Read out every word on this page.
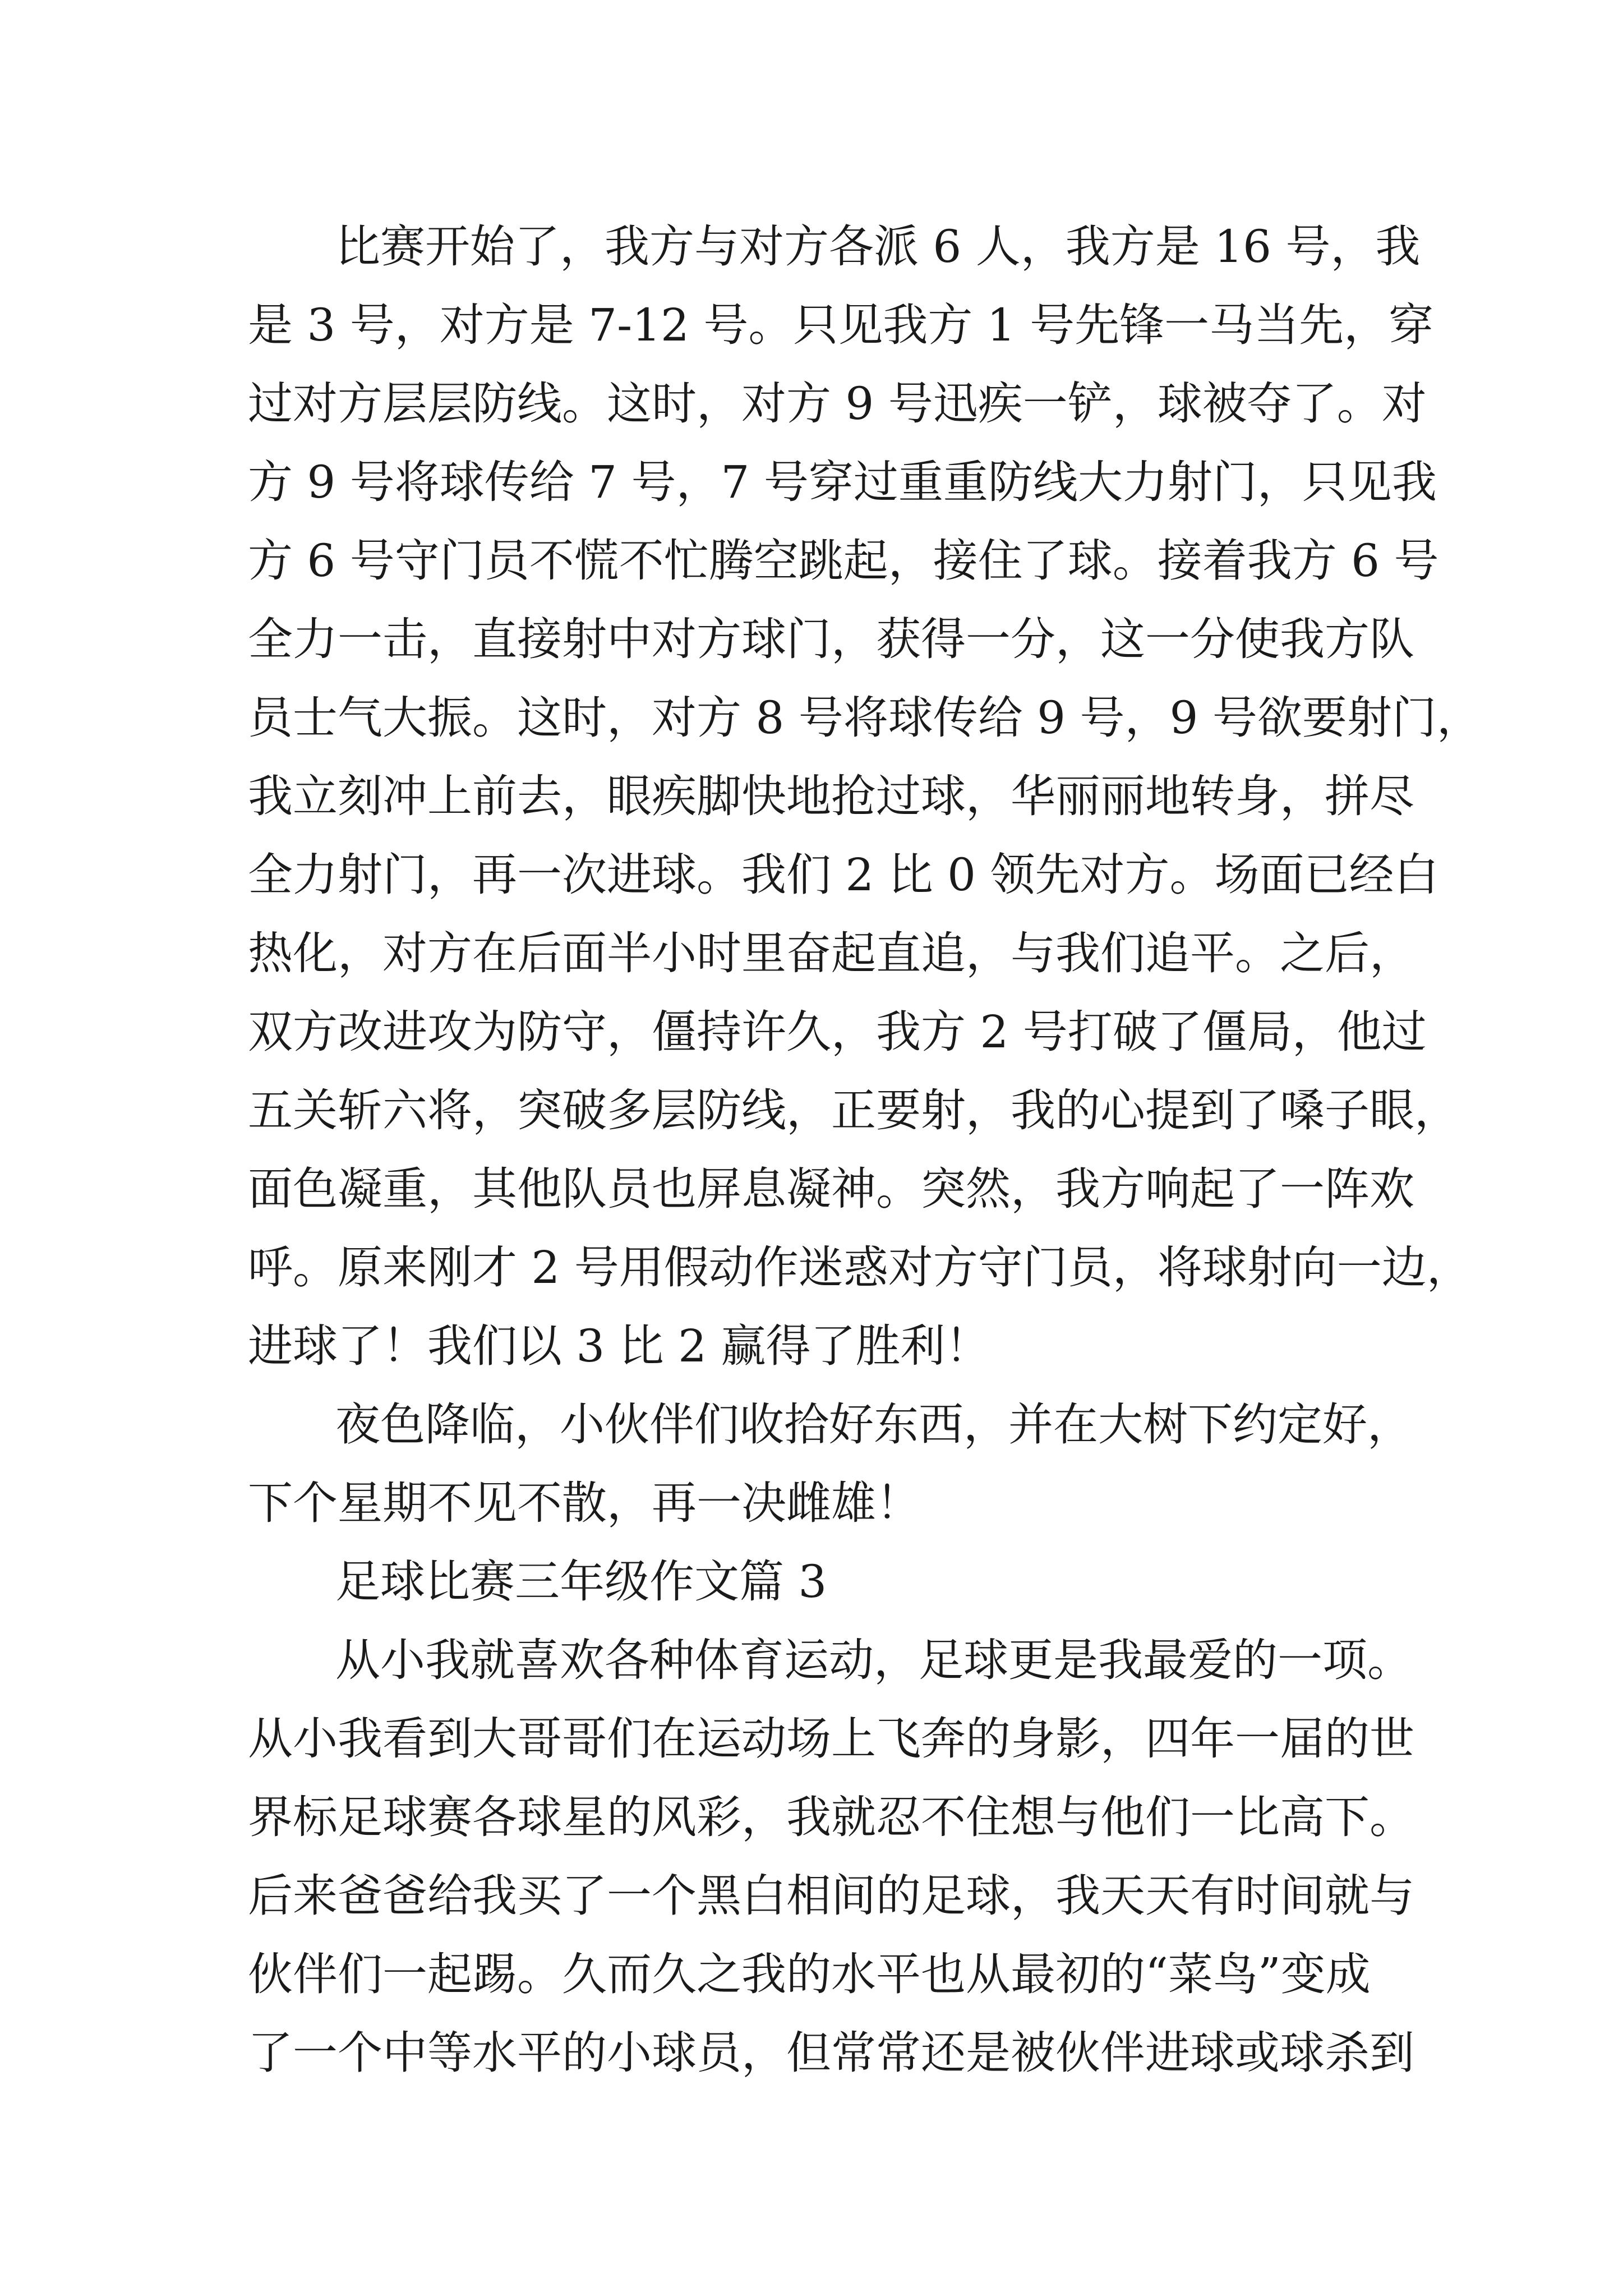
比赛开始了，我方与对方各派 6 人，我方是 16 号，我
是 3 号，对方是 7-12 号。只见我方 1 号先锋一马当先，穿
过对方层层防线。这时，对方 9 号迅疾一铲，球被夺了。对
方 9 号将球传给 7 号，7 号穿过重重防线大力射门，只见我
方 6 号守门员不慌不忙腾空跳起，接住了球。接着我方 6 号
全力一击，直接射中对方球门，获得一分，这一分使我方队
员士气大振。这时，对方 8 号将球传给 9 号，9 号欲要射门，
我立刻冲上前去，眼疾脚快地抢过球，华丽丽地转身，拼尽
全力射门，再一次进球。我们 2 比 0 领先对方。场面已经白
热化，对方在后面半小时里奋起直追，与我们追平。之后，
双方改进攻为防守，僵持许久，我方 2 号打破了僵局，他过
五关斩六将，突破多层防线，正要射，我的心提到了嗓子眼，
面色凝重，其他队员也屏息凝神。突然，我方响起了一阵欢
呼。原来刚才 2 号用假动作迷惑对方守门员，将球射向一边，
进球了！我们以 3 比 2 赢得了胜利！
夜色降临，小伙伴们收拾好东西，并在大树下约定好，
下个星期不见不散，再一决雌雄！
足球比赛三年级作文篇 3
从小我就喜欢各种体育运动，足球更是我最爱的一项。
从小我看到大哥哥们在运动场上飞奔的身影，四年一届的世
界标足球赛各球星的风彩，我就忍不住想与他们一比高下。
后来爸爸给我买了一个黑白相间的足球，我天天有时间就与
伙伴们一起踢。久而久之我的水平也从最初的“菜鸟”变成
了一个中等水平的小球员，但常常还是被伙伴进球或球杀到
